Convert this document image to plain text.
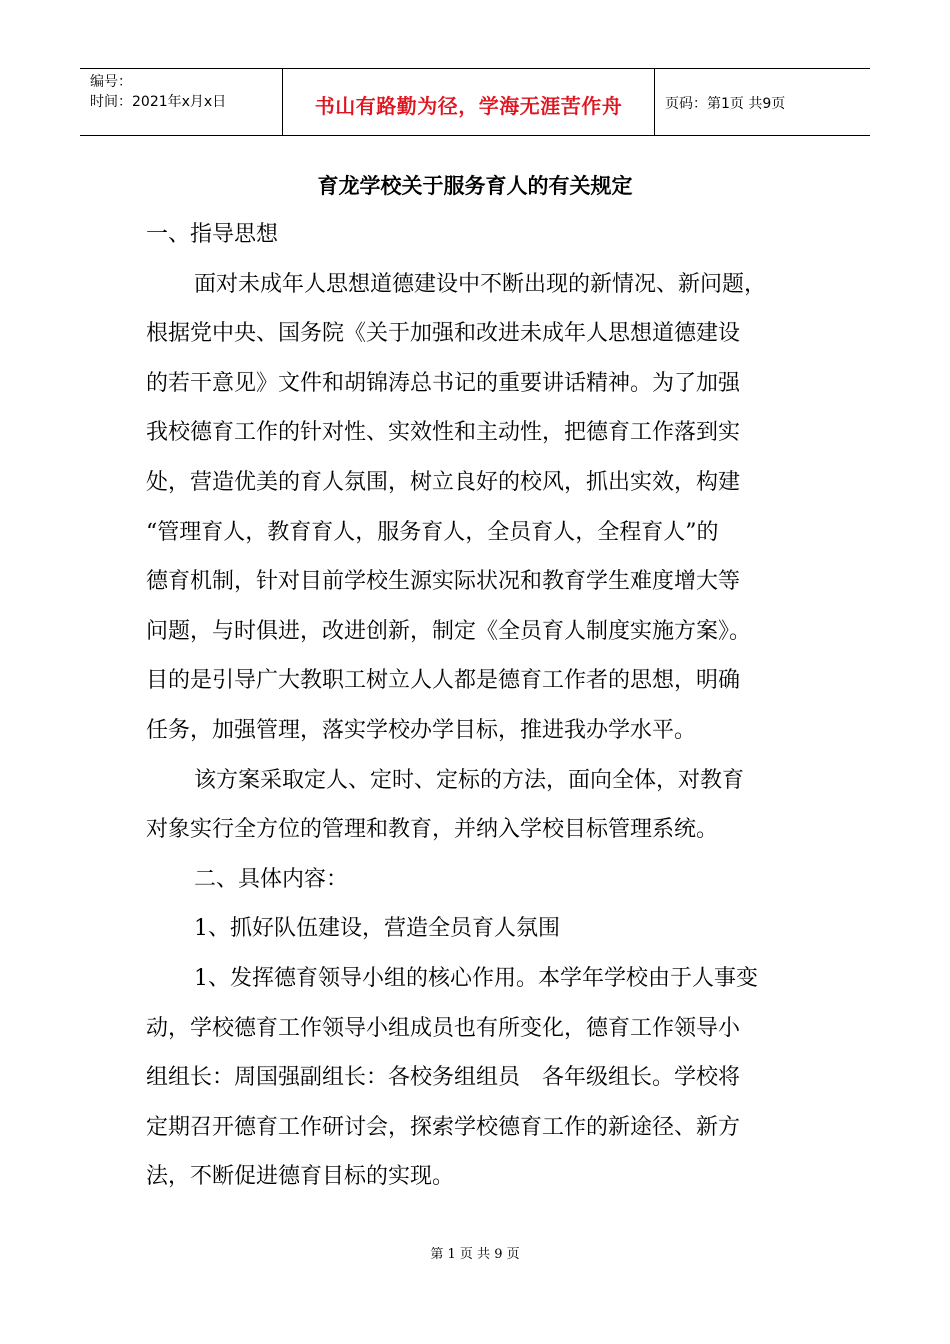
编号：
时间：2021年x月x日	书山有路勤为径，学海无涯苦作舟	页码：第1页 共9页
育龙学校关于服务育人的有关规定
一、指导思想
面对未成年人思想道德建设中不断出现的新情况、新问题，
根据党中央、国务院《关于加强和改进未成年人思想道德建设
的若干意见》文件和胡锦涛总书记的重要讲话精神。为了加强
我校德育工作的针对性、实效性和主动性，把德育工作落到实
处，营造优美的育人氛围，树立良好的校风，抓出实效，构建
“管理育人，教育育人，服务育人，全员育人，全程育人”的
德育机制，针对目前学校生源实际状况和教育学生难度增大等
问题，与时俱进，改进创新，制定《全员育人制度实施方案》。
目的是引导广大教职工树立人人都是德育工作者的思想，明确
任务，加强管理，落实学校办学目标，推进我办学水平。
该方案采取定人、定时、定标的方法，面向全体，对教育
对象实行全方位的管理和教育，并纳入学校目标管理系统。
二、具体内容：
1、抓好队伍建设，营造全员育人氛围
1、发挥德育领导小组的核心作用。本学年学校由于人事变
动，学校德育工作领导小组成员也有所变化，德育工作领导小
组组长：周国强副组长：各校务组组员　各年级组长。学校将
定期召开德育工作研讨会，探索学校德育工作的新途径、新方
法，不断促进德育目标的实现。
第 1 页 共 9 页
